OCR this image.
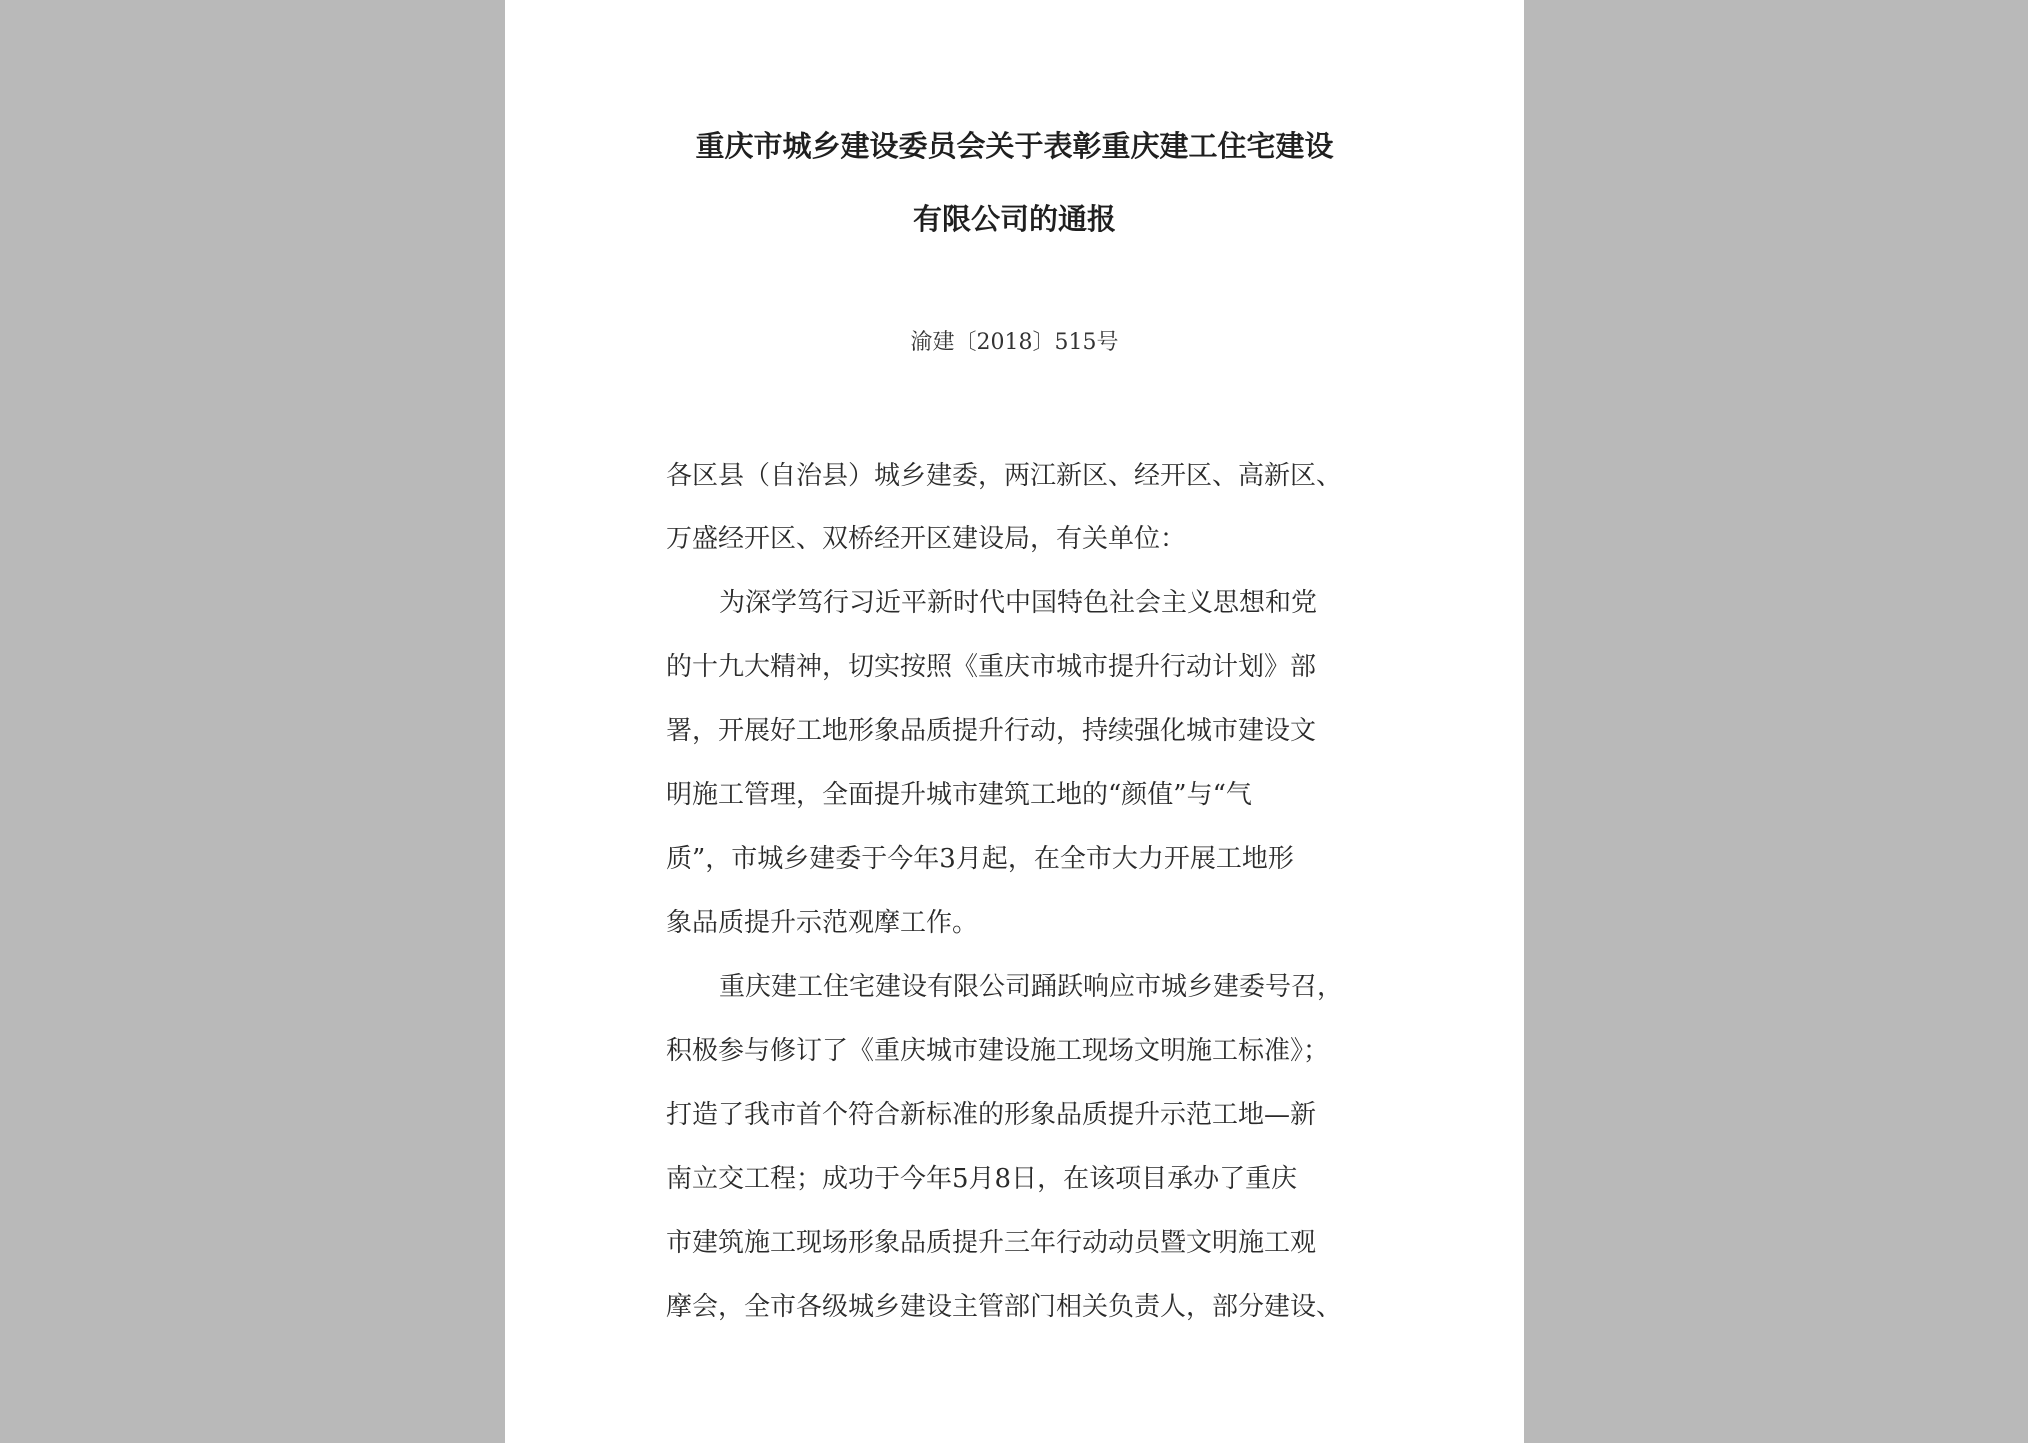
重庆市城乡建设委员会关于表彰重庆建工住宅建设
有限公司的通报
渝建〔2018〕515号
各区县（自治县）城乡建委，两江新区、经开区、高新区、
万盛经开区、双桥经开区建设局，有关单位：
为深学笃行习近平新时代中国特色社会主义思想和党
的十九大精神，切实按照《重庆市城市提升行动计划》部
署，开展好工地形象品质提升行动，持续强化城市建设文
明施工管理，全面提升城市建筑工地的“颜值”与“气
质”，市城乡建委于今年3月起，在全市大力开展工地形
象品质提升示范观摩工作。
重庆建工住宅建设有限公司踊跃响应市城乡建委号召，
积极参与修订了《重庆城市建设施工现场文明施工标准》；
打造了我市首个符合新标准的形象品质提升示范工地—新
南立交工程；成功于今年5月8日，在该项目承办了重庆
市建筑施工现场形象品质提升三年行动动员暨文明施工观
摩会，全市各级城乡建设主管部门相关负责人，部分建设、
